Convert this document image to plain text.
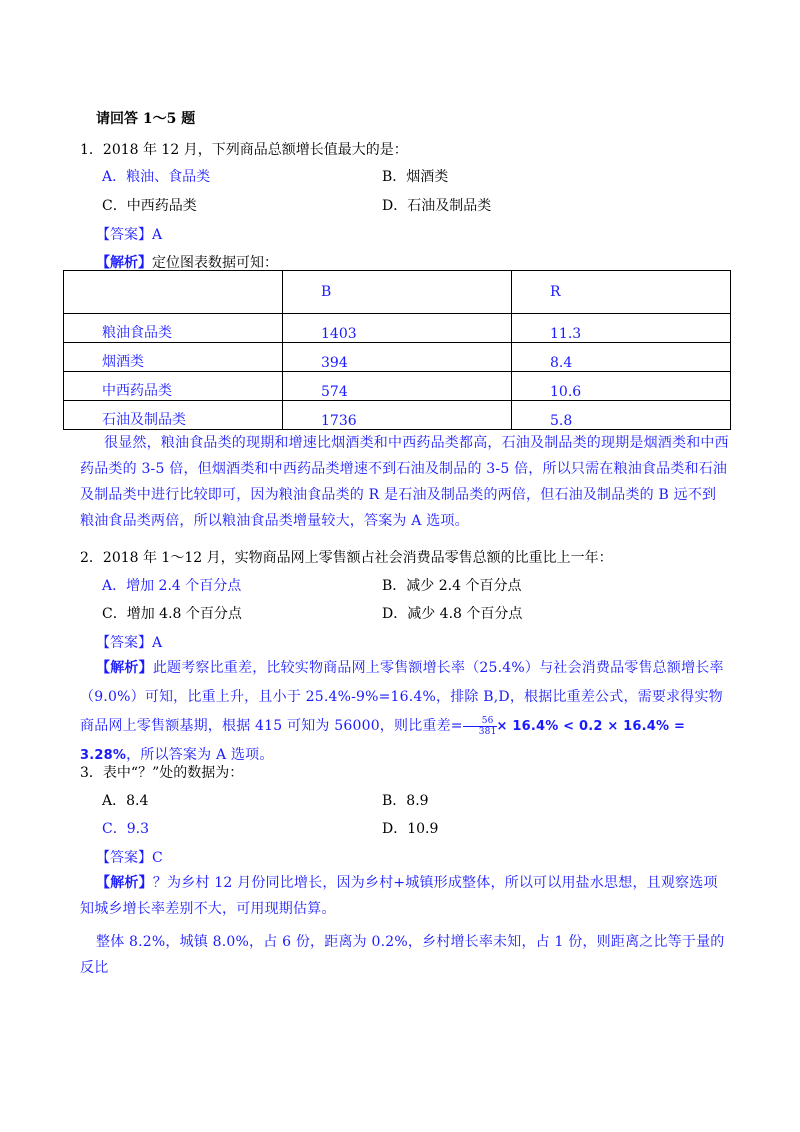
请回答 1～5 题
1．2018 年 12 月，下列商品总额增长值最大的是：
A．粮油、食品类	B．烟酒类
C．中西药品类	D．石油及制品类
【答案】A
【解析】定位图表数据可知：
	B	R
粮油食品类	1403	11.3
烟酒类	394	8.4
中西药品类	574	10.6
石油及制品类	1736	5.8
很显然，粮油食品类的现期和增速比烟酒类和中西药品类都高，石油及制品类的现期是烟酒类和中西药品类的 3-5 倍，但烟酒类和中西药品类增速不到石油及制品的 3-5 倍，所以只需在粮油食品类和石油及制品类中进行比较即可，因为粮油食品类的 R 是石油及制品类的两倍，但石油及制品类的 B 远不到粮油食品类两倍，所以粮油食品类增量较大，答案为 A 选项。
2．2018 年 1～12 月，实物商品网上零售额占社会消费品零售总额的比重比上一年：
A．增加 2.4 个百分点	B．减少 2.4 个百分点
C．增加 4.8 个百分点	D．减少 4.8 个百分点
【答案】A
【解析】此题考察比重差，比较实物商品网上零售额增长率（25.4%）与社会消费品零售总额增长率（9.0%）可知，比重上升，且小于 25.4%-9%=16.4%，排除 B,D，根据比重差公式，需要求得实物商品网上零售额基期，根据 415 可知为 56000，则比重差= $\frac{56}{381} \times 16.4\% < 0.2 \times 16.4\% = 3.28\%$，所以答案为 A 选项。
3．表中“？”处的数据为：
A．8.4	B．8.9
C．9.3	D．10.9
【答案】C
【解析】？为乡村 12 月份同比增长，因为乡村+城镇形成整体，所以可以用盐水思想，且观察选项知城乡增长率差别不大，可用现期估算。
整体 8.2%，城镇 8.0%，占 6 份，距离为 0.2%，乡村增长率未知，占 1 份，则距离之比等于量的反比
